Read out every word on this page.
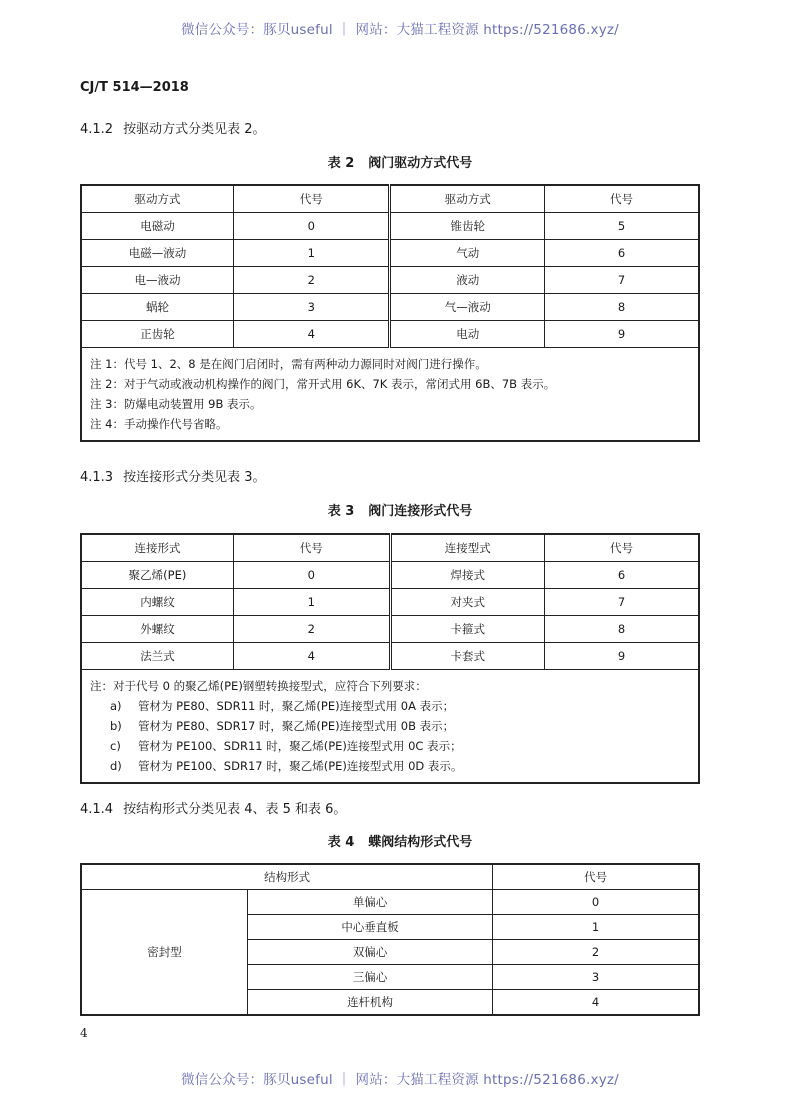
微信公众号：豚贝useful ｜ 网站：大猫工程资源 https://521686.xyz/
CJ/T 514—2018
4.1.2 按驱动方式分类见表 2。
表 2 阀门驱动方式代号
驱动方式	代号	驱动方式	代号
电磁动	0	锥齿轮	5
电磁—液动	1	气动	6
电—液动	2	液动	7
蜗轮	3	气—液动	8
正齿轮	4	电动	9

注 1：代号 1、2、8 是在阀门启闭时，需有两种动力源同时对阀门进行操作。
注 2：对于气动或液动机构操作的阀门，常开式用 6K、7K 表示，常闭式用 6B、7B 表示。
注 3：防爆电动装置用 9B 表示。
注 4：手动操作代号省略。			
4.1.3 按连接形式分类见表 3。
表 3 阀门连接形式代号
连接形式	代号	连接型式	代号
聚乙烯(PE)	0	焊接式	6
内螺纹	1	对夹式	7
外螺纹	2	卡箍式	8
法兰式	4	卡套式	9

注：对于代号 0 的聚乙烯(PE)钢塑转换接型式，应符合下列要求：
a) 管材为 PE80、SDR11 时，聚乙烯(PE)连接型式用 0A 表示；
b) 管材为 PE80、SDR17 时，聚乙烯(PE)连接型式用 0B 表示；
c) 管材为 PE100、SDR11 时，聚乙烯(PE)连接型式用 0C 表示；
d) 管材为 PE100、SDR17 时，聚乙烯(PE)连接型式用 0D 表示。			
4.1.4 按结构形式分类见表 4、表 5 和表 6。
表 4 蝶阀结构形式代号
结构形式		代号
密封型	单偏心	0
	中心垂直板	1
	双偏心	2
	三偏心	3
	连杆机构	4
4
微信公众号：豚贝useful ｜ 网站：大猫工程资源 https://521686.xyz/
